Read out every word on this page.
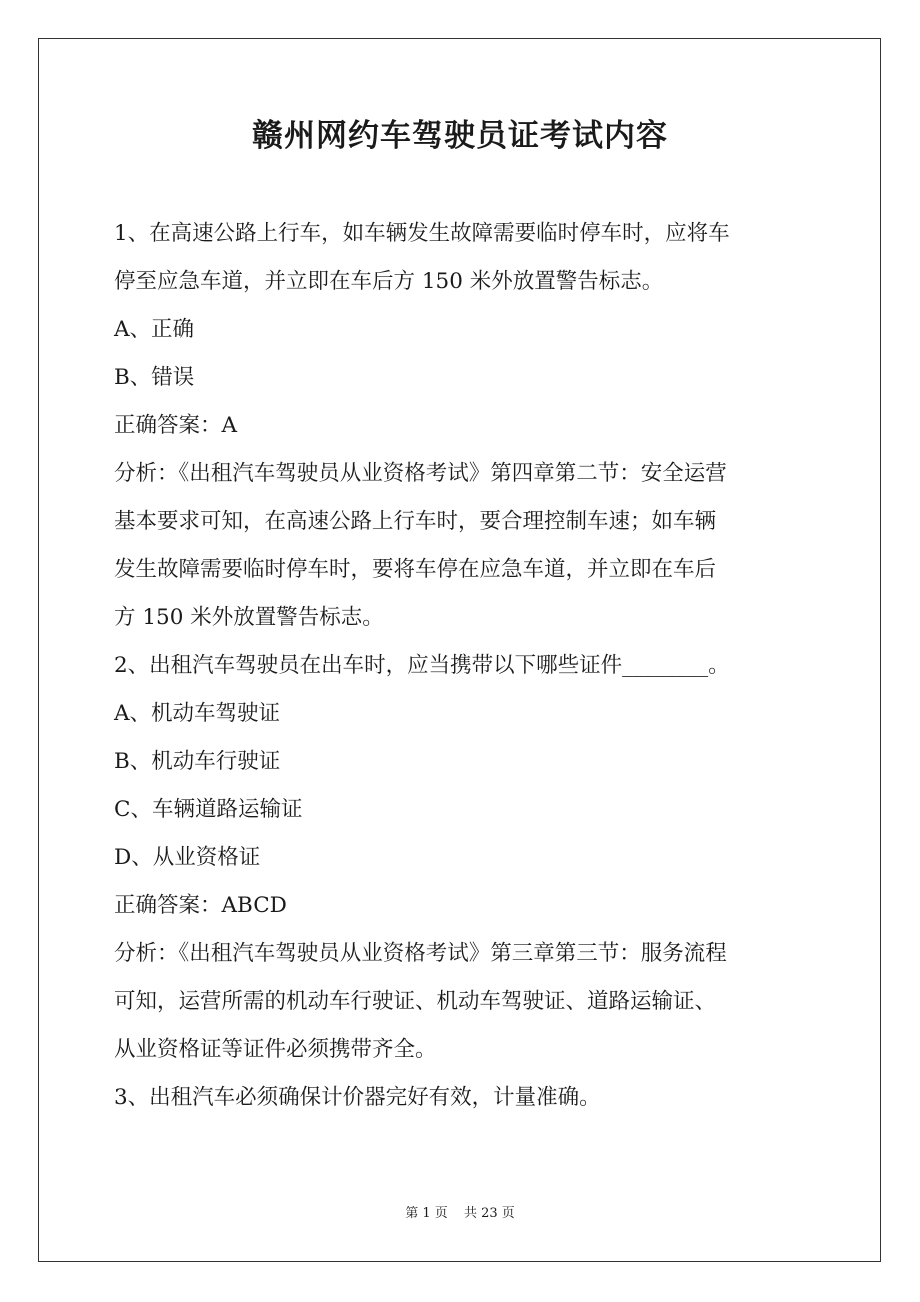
赣州网约车驾驶员证考试内容
1、在高速公路上行车，如车辆发生故障需要临时停车时，应将车
停至应急车道，并立即在车后方 150 米外放置警告标志。
A、正确
B、错误
正确答案：A
分析：《出租汽车驾驶员从业资格考试》第四章第二节：安全运营
基本要求可知，在高速公路上行车时，要合理控制车速；如车辆
发生故障需要临时停车时，要将车停在应急车道，并立即在车后
方 150 米外放置警告标志。
2、出租汽车驾驶员在出车时，应当携带以下哪些证件________。
A、机动车驾驶证
B、机动车行驶证
C、车辆道路运输证
D、从业资格证
正确答案：ABCD
分析：《出租汽车驾驶员从业资格考试》第三章第三节：服务流程
可知，运营所需的机动车行驶证、机动车驾驶证、道路运输证、
从业资格证等证件必须携带齐全。
3、出租汽车必须确保计价器完好有效，计量准确。
第 1 页 共 23 页
